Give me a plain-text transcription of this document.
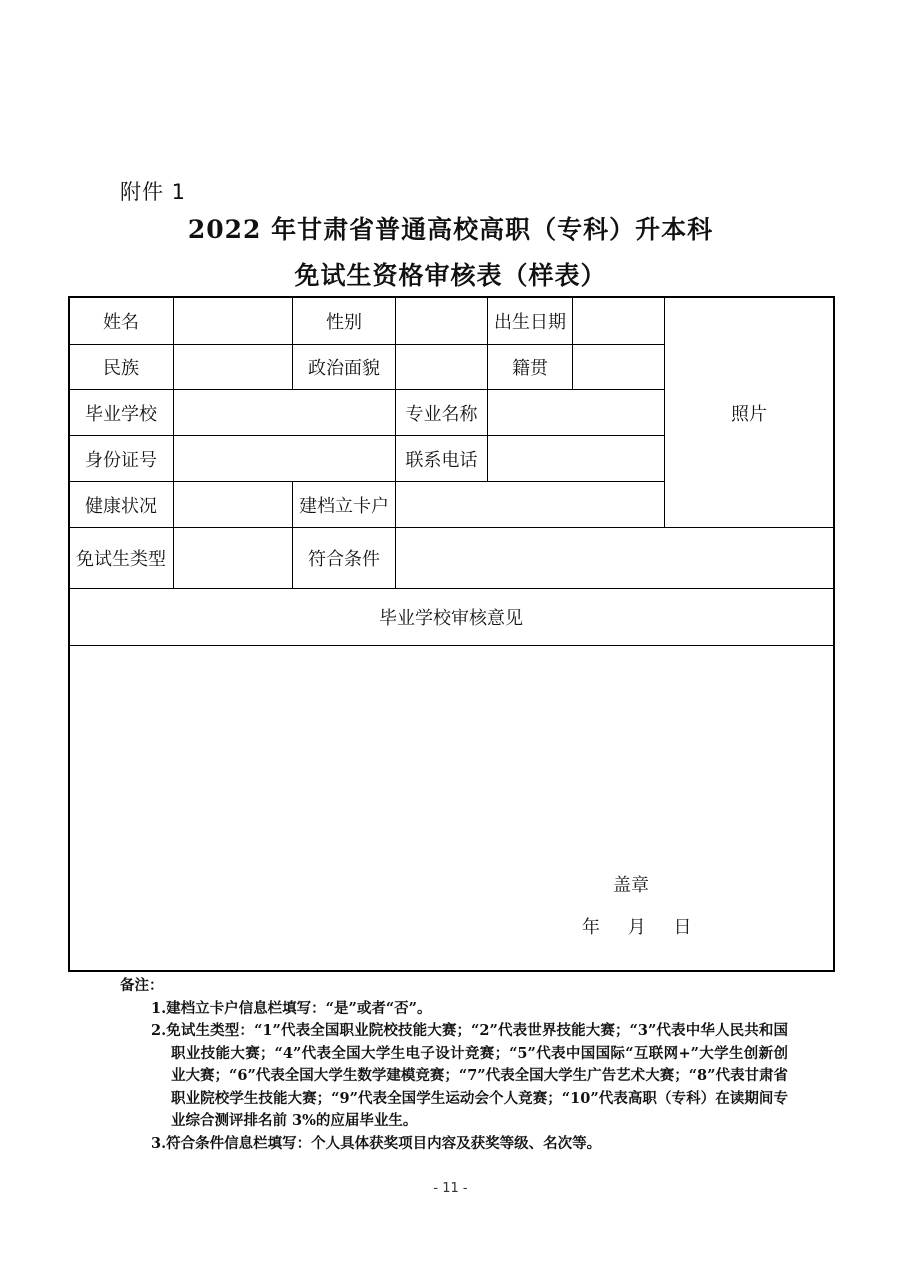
附件 1
2022 年甘肃省普通高校高职（专科）升本科
免试生资格审核表（样表）
姓名	性别	出生日期
照片
民族	政治面貌	籍贯
毕业学校	专业名称
身份证号	联系电话
健康状况	建档立卡户
免试生类型	符合条件
毕业学校审核意见
盖章
年 月 日

备注：

1.建档立卡户信息栏填写：“是”或者“否”。

2.免试生类型：“1”代表全国职业院校技能大赛；“2”代表世界技能大赛；“3”代表中华人民共和国职业技能大赛；“4”代表全国大学生电子设计竞赛；“5”代表中国国际“互联网+”大学生创新创业大赛；“6”代表全国大学生数学建模竞赛；“7”代表全国大学生广告艺术大赛；“8”代表甘肃省职业院校学生技能大赛；“9”代表全国学生运动会个人竞赛；“10”代表高职（专科）在读期间专业综合测评排名前 3%的应届毕业生。

3.符合条件信息栏填写：个人具体获奖项目内容及获奖等级、名次等。

- 11 -
